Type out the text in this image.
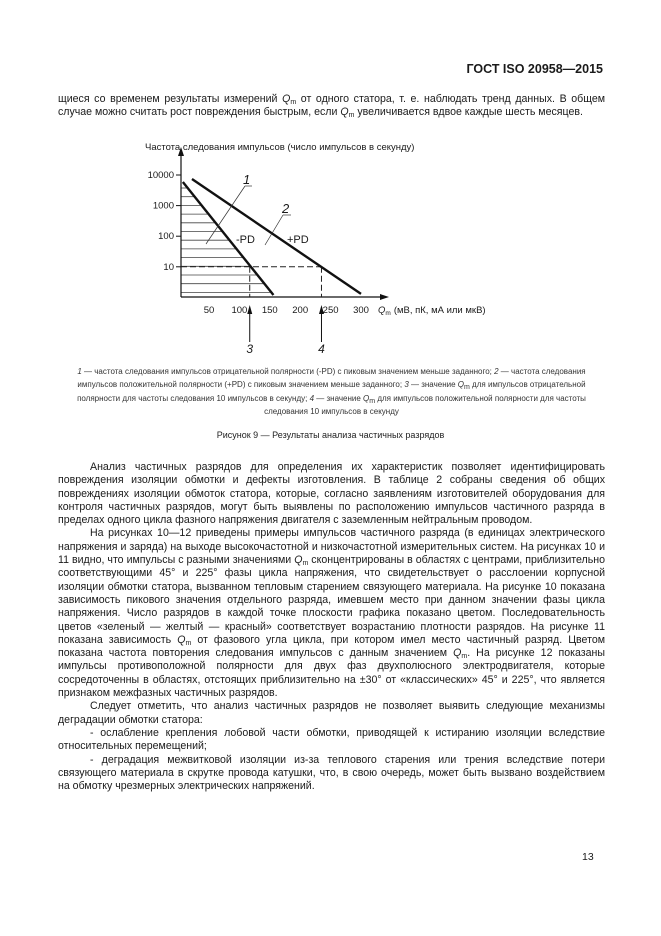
ГОСТ ISO 20958—2015

щиеся со временем результаты измерений $Q_m$ от одного статора, т. е. наблюдать тренд данных. В общем случае можно считать рост повреждения быстрым, если $Q_m$ увеличивается вдвое каждые шесть месяцев.

Частота следования импульсов (число импульсов в секунду)
10
100
1000
10000
50 100 150 200 250 300 $Q_m$ (мВ, пК, мА или мкВ)
3	4
-PD	+PD
1
2
1 — частота следования импульсов отрицательной полярности (-PD) с пиковым значением меньше заданного; 2 — частота следования импульсов положительной полярности (+PD) с пиковым значением меньше заданного; 3 — значение $Q_m$ для импульсов отрицательной полярности для частоты следования 10 импульсов в секунду; 4 — значение $Q_m$ для импульсов положительной полярности для частоты следования 10 импульсов в секунду
Рисунок 9 — Результаты анализа частичных разрядов

Анализ частичных разрядов для определения их характеристик позволяет идентифицировать повреждения изоляции обмотки и дефекты изготовления. В таблице 2 собраны сведения об общих повреждениях изоляции обмоток статора, которые, согласно заявлениям изготовителей оборудования для контроля частичных разрядов, могут быть выявлены по расположению импульсов частичного разряда в пределах одного цикла фазного напряжения двигателя с заземленным нейтральным проводом.

На рисунках 10—12 приведены примеры импульсов частичного разряда (в единицах электрического напряжения и заряда) на выходе высокочастотной и низкочастотной измерительных систем. На рисунках 10 и 11 видно, что импульсы с разными значениями $Q_m$ сконцентрированы в областях с центрами, приблизительно соответствующими 45° и 225° фазы цикла напряжения, что свидетельствует о расслоении корпусной изоляции обмотки статора, вызванном тепловым старением связующего материала. На рисунке 10 показана зависимость пикового значения отдельного разряда, имевшем место при данном значении фазы цикла напряжения. Число разрядов в каждой точке плоскости графика показано цветом. Последовательность цветов «зеленый — желтый — красный» соответствует возрастанию плотности разрядов. На рисунке 11 показана зависимость $Q_m$ от фазового угла цикла, при котором имел место частичный разряд. Цветом показана частота повторения следования импульсов с данным значением $Q_m$. На рисунке 12 показаны импульсы противоположной полярности для двух фаз двухполюсного электродвигателя, которые сосредоточенны в областях, отстоящих приблизительно на ±30° от «классических» 45° и 225°, что является признаком межфазных частичных разрядов.

Следует отметить, что анализ частичных разрядов не позволяет выявить следующие механизмы деградации обмотки статора:

- ослабление крепления лобовой части обмотки, приводящей к истиранию изоляции вследствие относительных перемещений;

- деградация межвитковой изоляции из-за теплового старения или трения вследствие потери связующего материала в скрутке провода катушки, что, в свою очередь, может быть вызвано воздействием на обмотку чрезмерных электрических напряжений.

13
